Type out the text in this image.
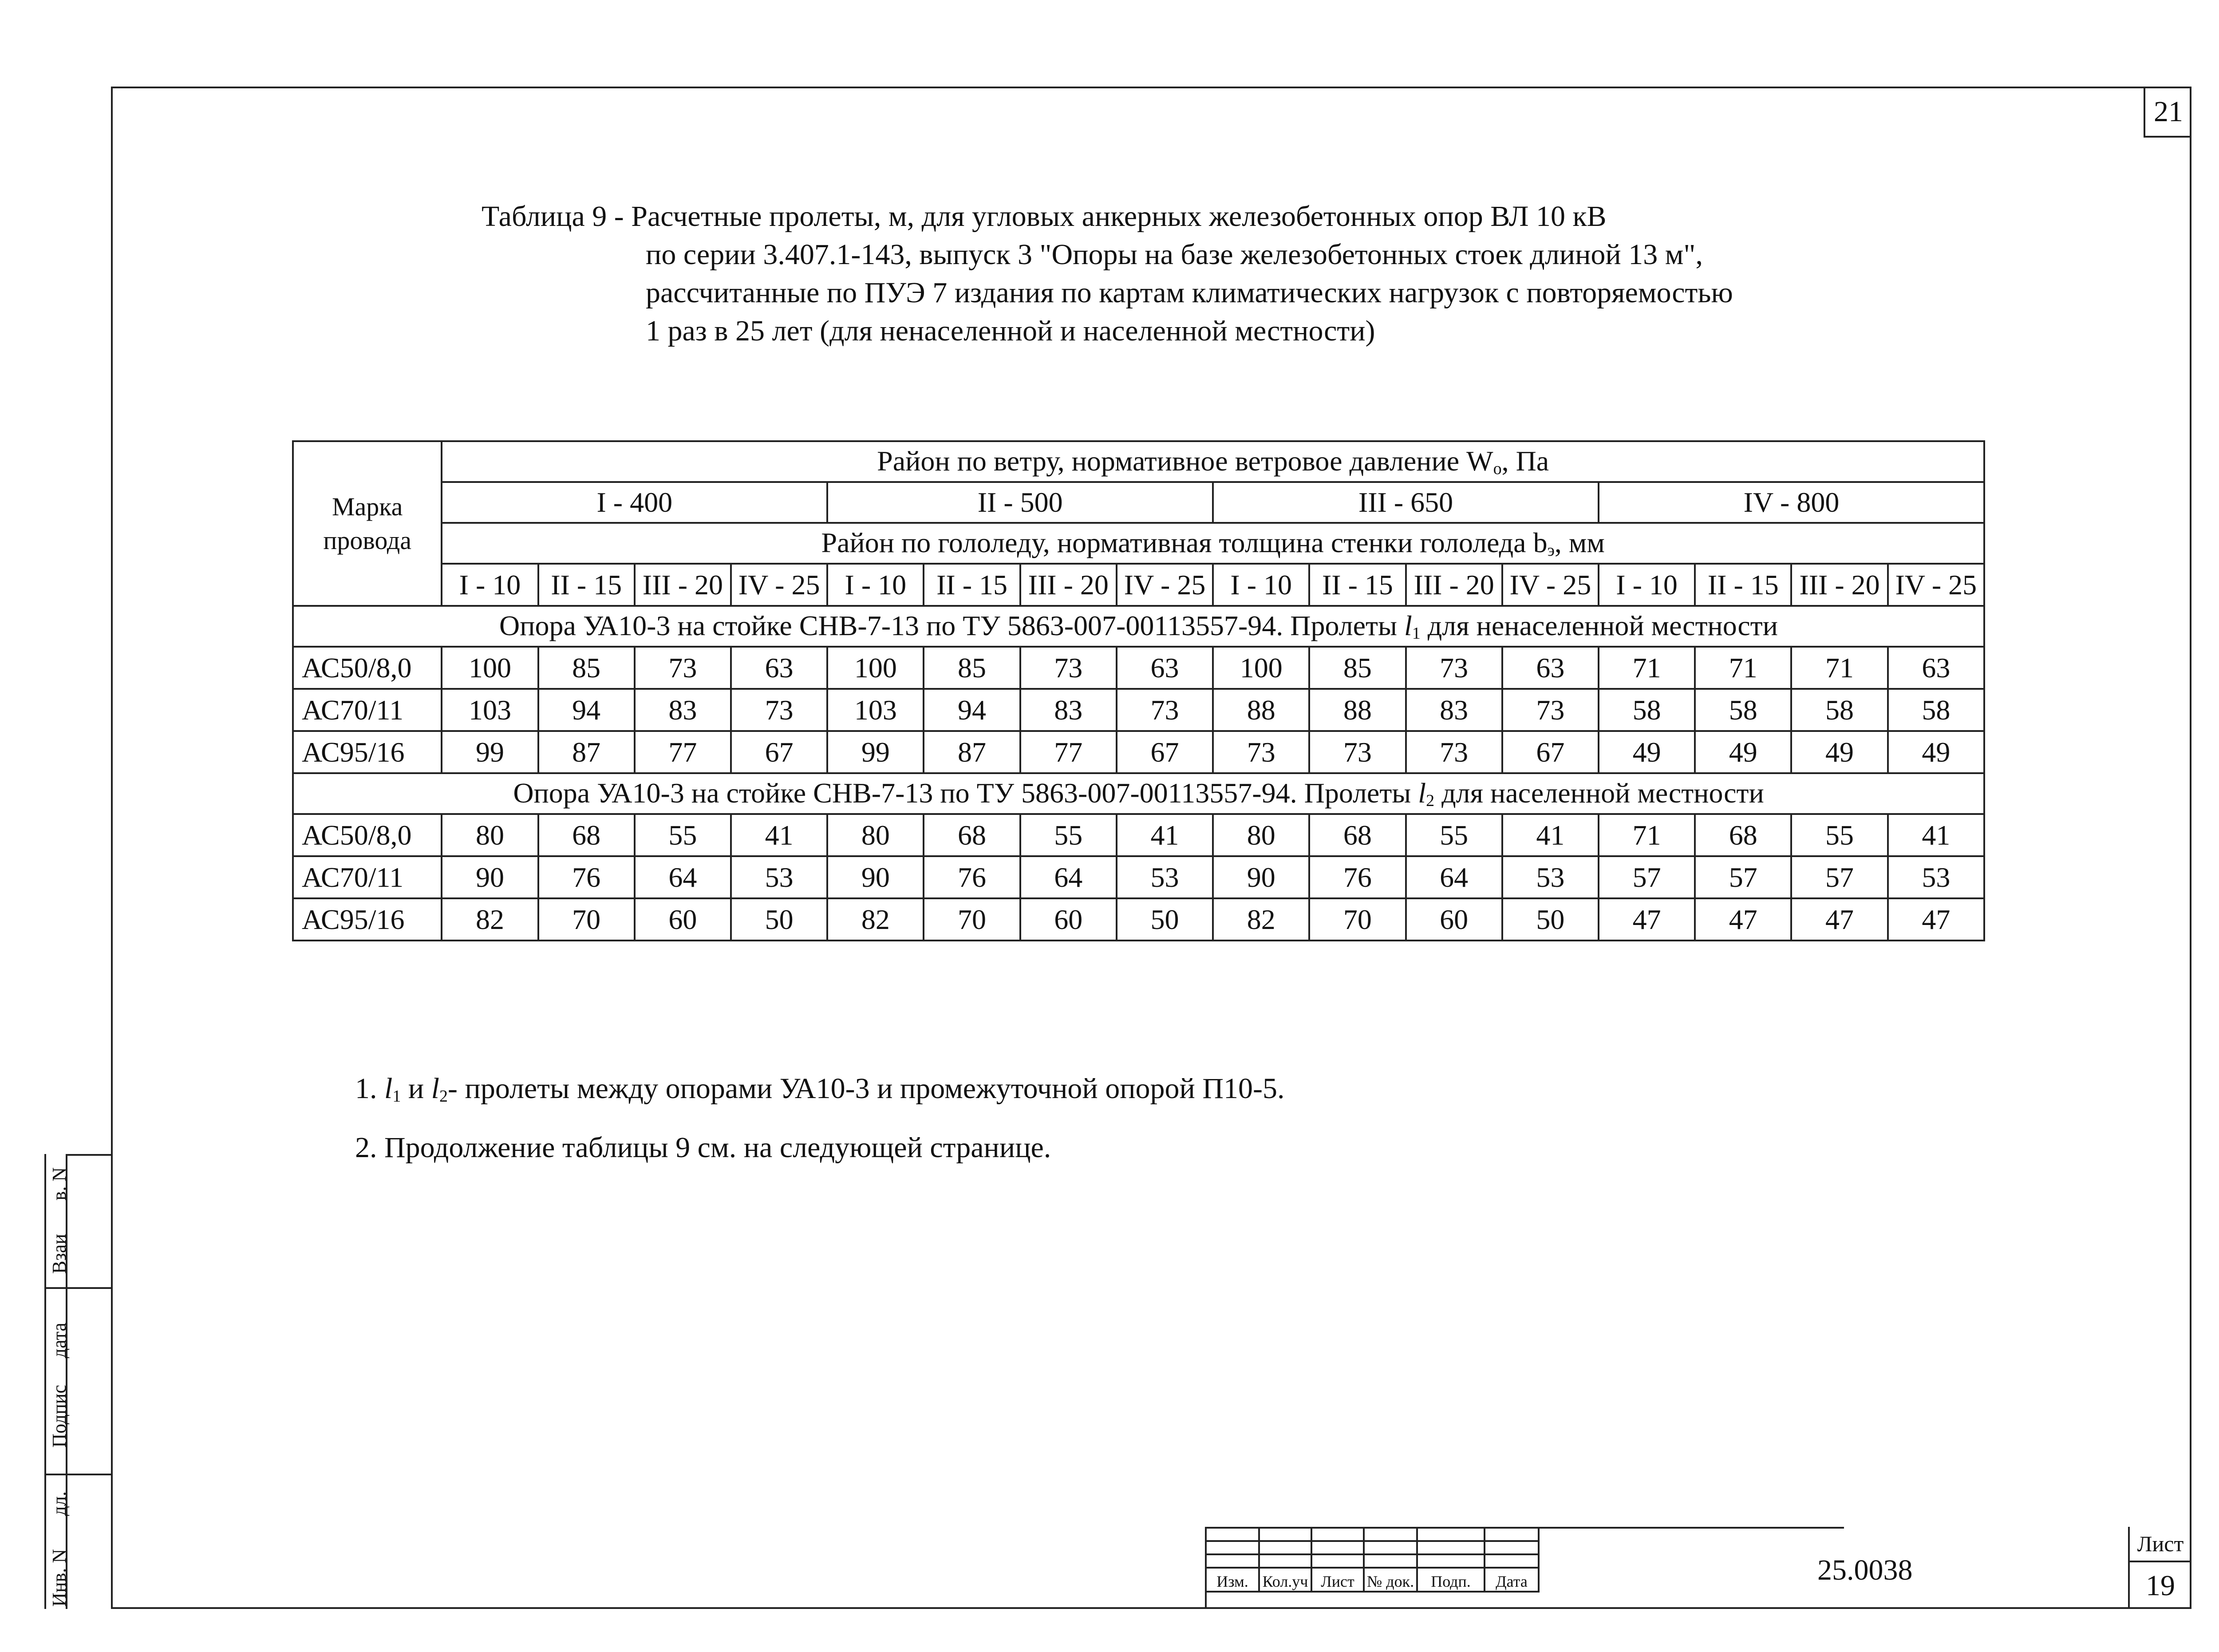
21
Таблица 9 - Расчетные пролеты, м, для угловых анкерных железобетонных опор ВЛ 10 кВ
по серии 3.407.1-143, выпуск 3 "Опоры на базе железобетонных стоек длиной 13 м",
рассчитанные по ПУЭ 7 издания по картам климатических нагрузок с повторяемостью
1 раз в 25 лет (для ненаселенной и населенной местности)
Марка провода	Район по ветру, нормативное ветровое давление $W_o$, Па															
	I - 400				II - 500				III - 650				IV - 800			
	Район по гололеду, нормативная толщина стенки гололеда $b_э$, мм															
	I - 10	II - 15	III - 20	IV - 25	I - 10	II - 15	III - 20	IV - 25	I - 10	II - 15	III - 20	IV - 25	I - 10	II - 15	III - 20	IV - 25
Опора УА10-3 на стойке СНВ-7-13 по ТУ 5863-007-00113557-94. Пролеты $l_1$ для ненаселенной местности																
АС50/8,0	100	85	73	63	100	85	73	63	100	85	73	63	71	71	71	63
АС70/11	103	94	83	73	103	94	83	73	88	88	83	73	58	58	58	58
АС95/16	99	87	77	67	99	87	77	67	73	73	73	67	49	49	49	49
Опора УА10-3 на стойке СНВ-7-13 по ТУ 5863-007-00113557-94. Пролеты $l_2$ для населенной местности																
АС50/8,0	80	68	55	41	80	68	55	41	80	68	55	41	71	68	55	41
АС70/11	90	76	64	53	90	76	64	53	90	76	64	53	57	57	57	53
АС95/16	82	70	60	50	82	70	60	50	82	70	60	50	47	47	47	47
1. $l_1$ и $l_2-$ пролеты между опорами УА10-3 и промежуточной опорой П10-5.
2. Продолжение таблицы 9 см. на следующей странице.
в. N
Взаи
дата
Подпис
дл.
Инв. N

						Изм.	Кол.уч	Лист	№ док.	Подп.	Дата	25.0038
Лист
19
